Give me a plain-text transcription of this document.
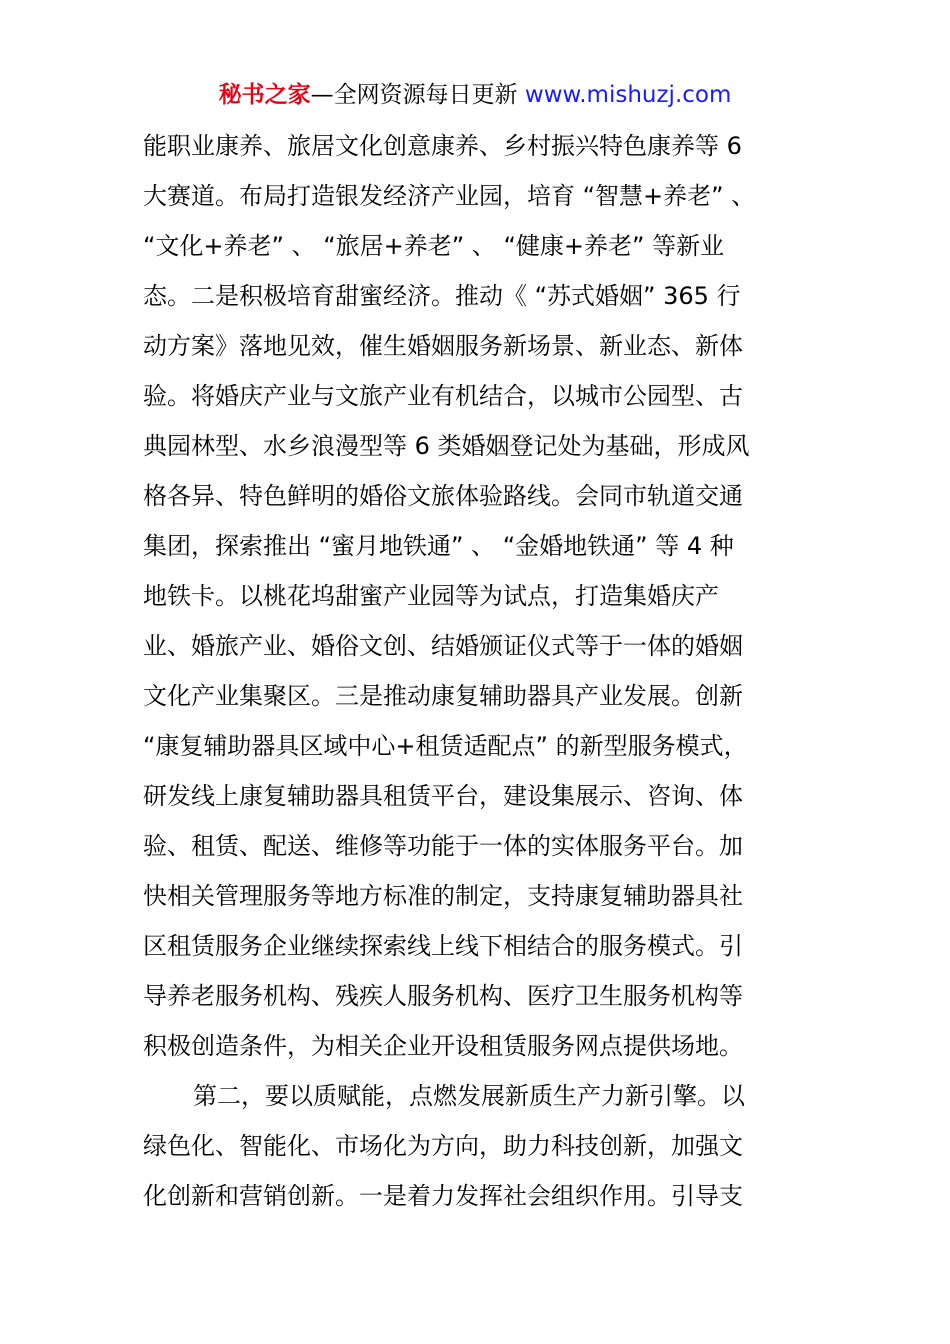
秘书之家—全网资源每日更新 www.mishuzj.com
能职业康养、旅居文化创意康养、乡村振兴特色康养等 6
大赛道。布局打造银发经济产业园，培育 “智慧+养老” 、
“文化+养老” 、 “旅居+养老” 、 “健康+养老” 等新业
态。二是积极培育甜蜜经济。推动《 “苏式婚姻” 365 行
动方案》落地见效，催生婚姻服务新场景、新业态、新体
验。将婚庆产业与文旅产业有机结合，以城市公园型、古
典园林型、水乡浪漫型等 6 类婚姻登记处为基础，形成风
格各异、特色鲜明的婚俗文旅体验路线。会同市轨道交通
集团，探索推出 “蜜月地铁通” 、 “金婚地铁通” 等 4 种
地铁卡。以桃花坞甜蜜产业园等为试点，打造集婚庆产
业、婚旅产业、婚俗文创、结婚颁证仪式等于一体的婚姻
文化产业集聚区。三是推动康复辅助器具产业发展。创新
“康复辅助器具区域中心+租赁适配点” 的新型服务模式，
研发线上康复辅助器具租赁平台，建设集展示、咨询、体
验、租赁、配送、维修等功能于一体的实体服务平台。加
快相关管理服务等地方标准的制定，支持康复辅助器具社
区租赁服务企业继续探索线上线下相结合的服务模式。引
导养老服务机构、残疾人服务机构、医疗卫生服务机构等
积极创造条件，为相关企业开设租赁服务网点提供场地。
第二，要以质赋能，点燃发展新质生产力新引擎。以
绿色化、智能化、市场化为方向，助力科技创新，加强文
化创新和营销创新。一是着力发挥社会组织作用。引导支
